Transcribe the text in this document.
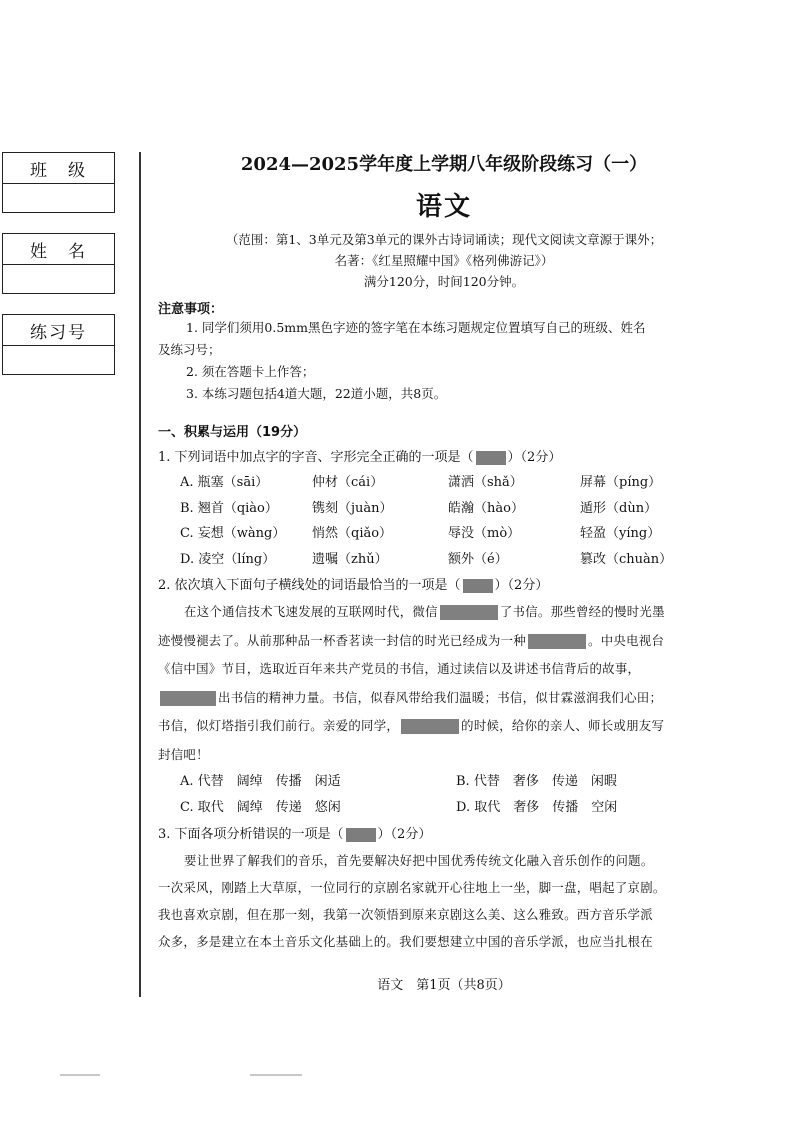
班　级
姓　名
练习号
2024—2025学年度上学期八年级阶段练习（一）
语文
（范围：第1、3单元及第3单元的课外古诗词诵读；现代文阅读文章源于课外；
名著：《红星照耀中国》《格列佛游记》）
满分120分，时间120分钟。
注意事项：
1. 同学们须用0.5mm黑色字迹的签字笔在本练习题规定位置填写自己的班级、姓名
及练习号；
2. 须在答题卡上作答；
3. 本练习题包括4道大题，22道小题，共8页。
一、积累与运用（19分）
1. 下列词语中加点字的字音、字形完全正确的一项是（	）（2分）
A. 瓶塞（sāi）	仲材（cái）	潇洒（shǎ）	屏幕（píng）
B. 翘首（qiào）	镌刻（juàn）	皓瀚（hào）	遁形（dùn）
C. 妄想（wàng）	悄然（qiǎo）	辱没（mò）	轻盈（yíng）
D. 凌空（líng）	遗嘱（zhǔ）	额外（é）	篡改（chuàn）
2. 依次填入下面句子横线处的词语最恰当的一项是（	）（2分）
在这个通信技术飞速发展的互联网时代，微信	了书信。那些曾经的慢时光墨
迹慢慢褪去了。从前那种品一杯香茗读一封信的时光已经成为一种	。中央电视台
《信中国》节目，选取近百年来共产党员的书信，通过读信以及讲述书信背后的故事，
出书信的精神力量。书信，似春风带给我们温暖；书信，似甘霖滋润我们心田；
书信，似灯塔指引我们前行。亲爱的同学，	的时候，给你的亲人、师长或朋友写
封信吧！
A. 代替　阔绰　传播　闲适	B. 代替　奢侈　传递　闲暇
C. 取代　阔绰　传递　悠闲	D. 取代　奢侈　传播　空闲
3. 下面各项分析错误的一项是（	）（2分）
要让世界了解我们的音乐，首先要解决好把中国优秀传统文化融入音乐创作的问题。
一次采风，刚踏上大草原，一位同行的京剧名家就开心往地上一坐，脚一盘，唱起了京剧。
我也喜欢京剧，但在那一刻，我第一次领悟到原来京剧这么美、这么雅致。西方音乐学派
众多，多是建立在本土音乐文化基础上的。我们要想建立中国的音乐学派，也应当扎根在
语文　第1页（共8页）
